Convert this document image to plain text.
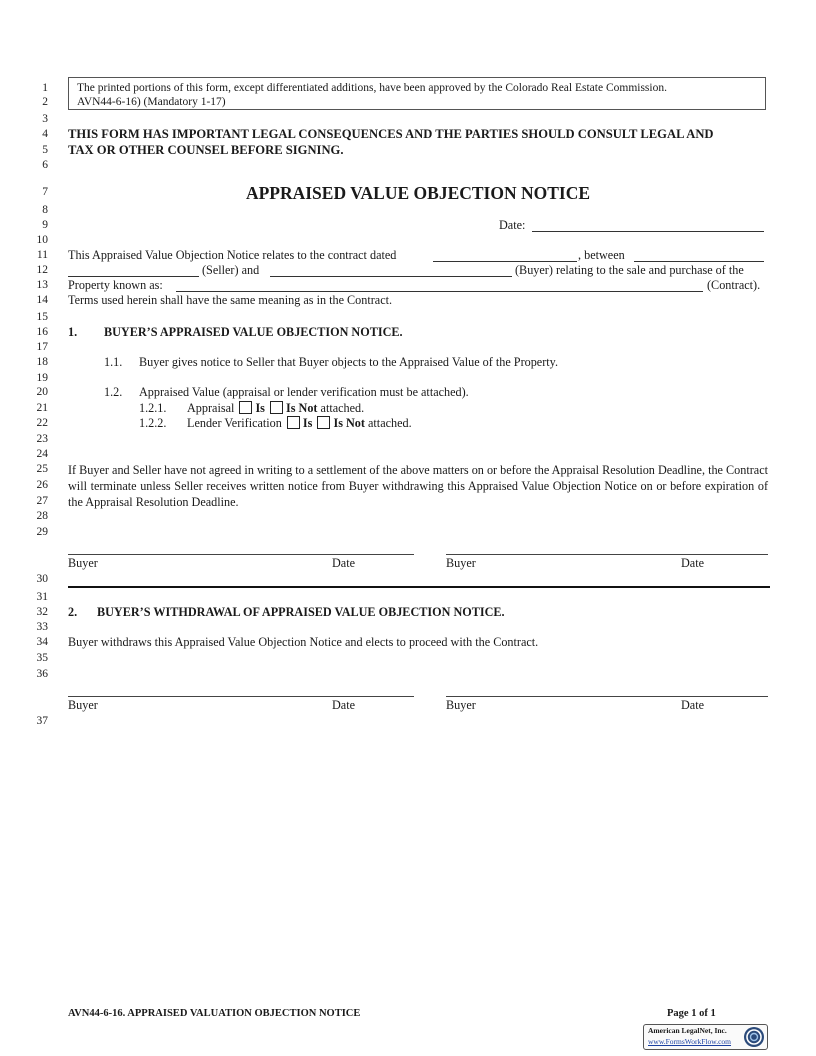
1
2
3
4
5
6
7
8
9
10
11
12
13
14
15
16
17
18
19
20
21
22
23
24
25
26
27
28
29
30
31
32
33
34
35
36
37
The printed portions of this form, except differentiated additions, have been approved by the Colorado Real Estate Commission.
AVN44-6-16) (Mandatory 1-17)
THIS FORM HAS IMPORTANT LEGAL CONSEQUENCES AND THE PARTIES SHOULD CONSULT LEGAL AND
TAX OR OTHER COUNSEL BEFORE SIGNING.
APPRAISED VALUE OBJECTION NOTICE
Date:
This Appraised Value Objection Notice relates to the contract dated	, between
(Seller) and	(Buyer) relating to the sale and purchase of the
Property known as:	(Contract).
Terms used herein shall have the same meaning as in the Contract.
1. BUYER’S APPRAISED VALUE OBJECTION NOTICE.
1.1. Buyer gives notice to Seller that Buyer objects to the Appraised Value of the Property.
1.2. Appraised Value (appraisal or lender verification must be attached).
1.2.1. Appraisal Is Is Not attached.
1.2.2. Lender Verification Is Is Not attached.
If Buyer and Seller have not agreed in writing to a settlement of the above matters on or before the Appraisal Resolution Deadline, the Contract will terminate unless Seller receives written notice from Buyer withdrawing this Appraised Value Objection Notice on or before expiration of the Appraisal Resolution Deadline.
Buyer	Date	Buyer	Date
2. BUYER’S WITHDRAWAL OF APPRAISED VALUE OBJECTION NOTICE.
Buyer withdraws this Appraised Value Objection Notice and elects to proceed with the Contract.
Buyer	Date	Buyer	Date
AVN44-6-16. APPRAISED VALUATION OBJECTION NOTICE	Page 1 of 1
American LegalNet, Inc.
www.FormsWorkFlow.com
